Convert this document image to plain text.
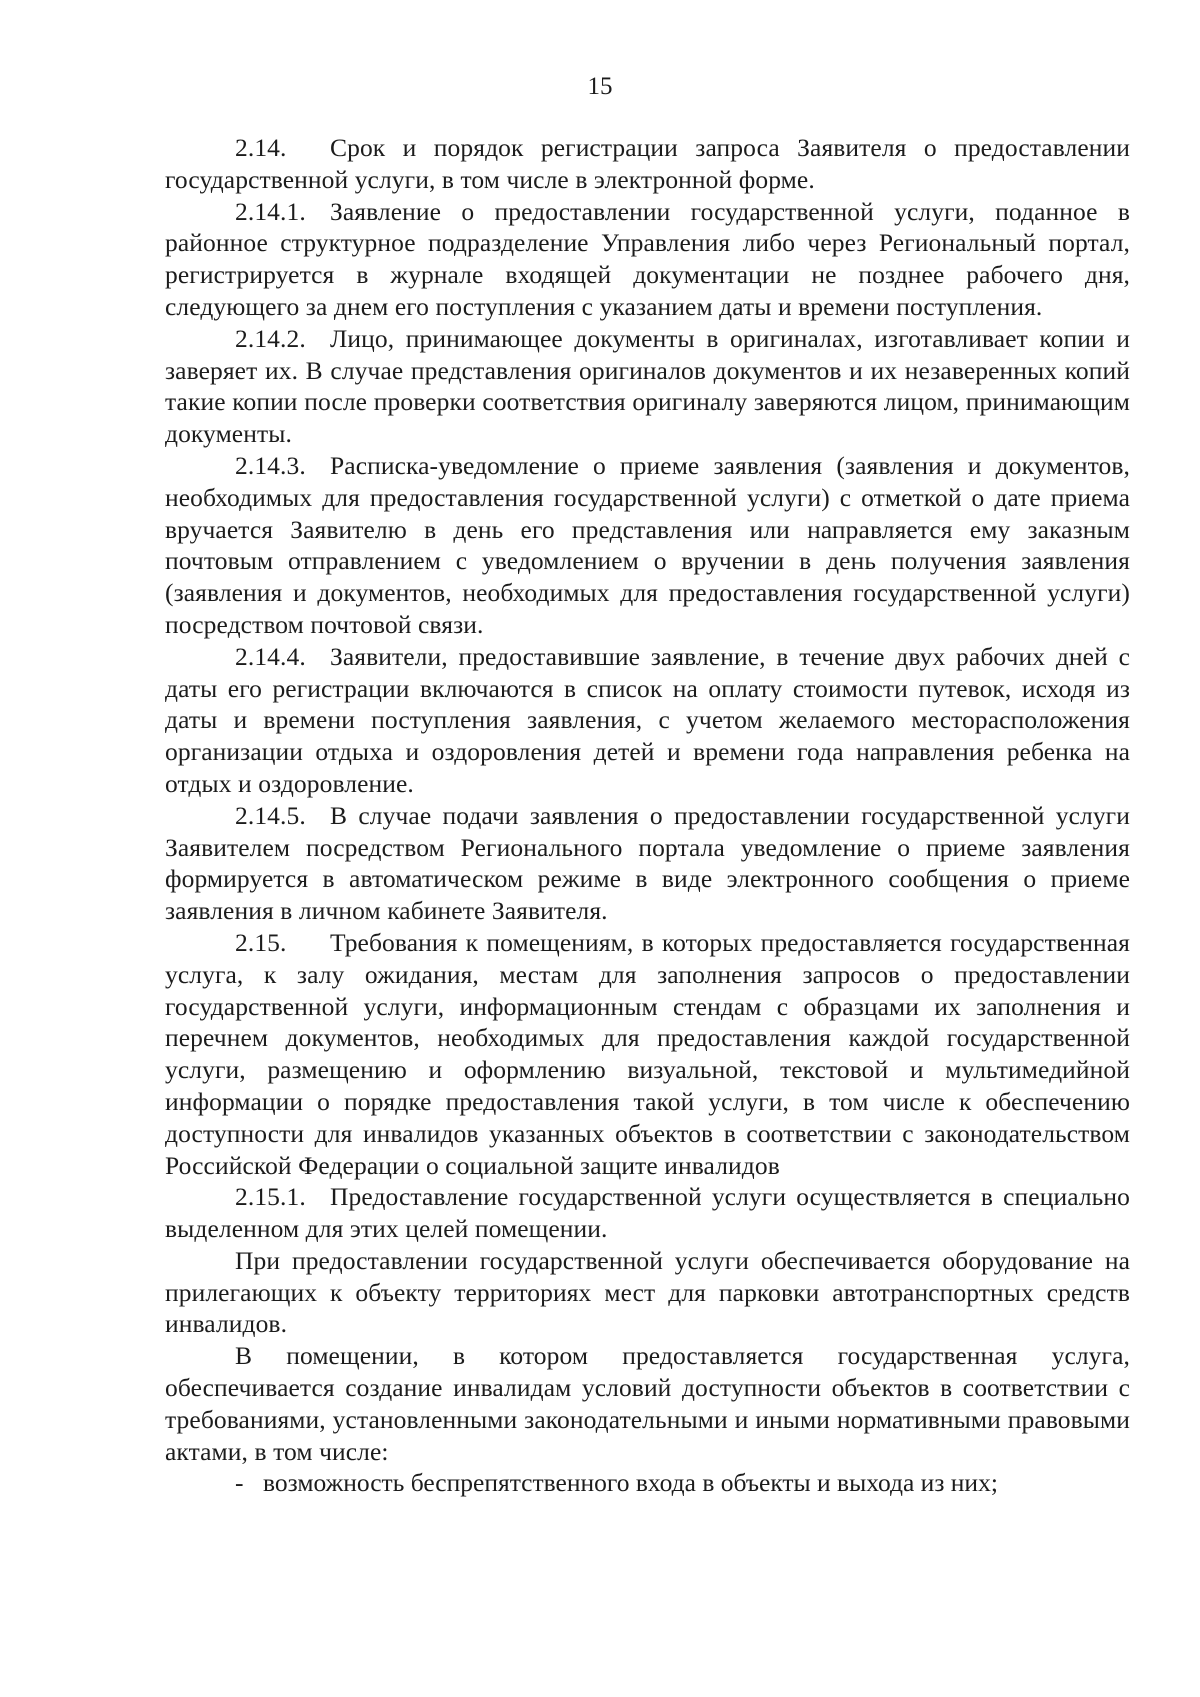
15

2.14. Срок и порядок регистрации запроса Заявителя о предоставлении государственной услуги, в том числе в электронной форме.

2.14.1. Заявление о предоставлении государственной услуги, поданное в районное структурное подразделение Управления либо через Региональный портал, регистрируется в журнале входящей документации не позднее рабочего дня, следующего за днем его поступления с указанием даты и времени поступления.

2.14.2. Лицо, принимающее документы в оригиналах, изготавливает копии и заверяет их. В случае представления оригиналов документов и их незаверенных копий такие копии после проверки соответствия оригиналу заверяются лицом, принимающим документы.

2.14.3. Расписка-уведомление о приеме заявления (заявления и документов, необходимых для предоставления государственной услуги) с отметкой о дате приема вручается Заявителю в день его представления или направляется ему заказным почтовым отправлением с уведомлением о вручении в день получения заявления (заявления и документов, необходимых для предоставления государственной услуги) посредством почтовой связи.

2.14.4. Заявители, предоставившие заявление, в течение двух рабочих дней с даты его регистрации включаются в список на оплату стоимости путевок, исходя из даты и времени поступления заявления, с учетом желаемого месторасположения организации отдыха и оздоровления детей и времени года направления ребенка на отдых и оздоровление.

2.14.5. В случае подачи заявления о предоставлении государственной услуги Заявителем посредством Регионального портала уведомление о приеме заявления формируется в автоматическом режиме в виде электронного сообщения о приеме заявления в личном кабинете Заявителя.

2.15. Требования к помещениям, в которых предоставляется государственная услуга, к залу ожидания, местам для заполнения запросов о предоставлении государственной услуги, информационным стендам с образцами их заполнения и перечнем документов, необходимых для предоставления каждой государственной услуги, размещению и оформлению визуальной, текстовой и мультимедийной информации о порядке предоставления такой услуги, в том числе к обеспечению доступности для инвалидов указанных объектов в соответствии с законодательством Российской Федерации о социальной защите инвалидов

2.15.1. Предоставление государственной услуги осуществляется в специально выделенном для этих целей помещении.

При предоставлении государственной услуги обеспечивается оборудование на прилегающих к объекту территориях мест для парковки автотранспортных средств инвалидов.

В помещении, в котором предоставляется государственная услуга, обеспечивается создание инвалидам условий доступности объектов в соответствии с требованиями, установленными законодательными и иными нормативными правовыми актами, в том числе:

- возможность беспрепятственного входа в объекты и выхода из них;
